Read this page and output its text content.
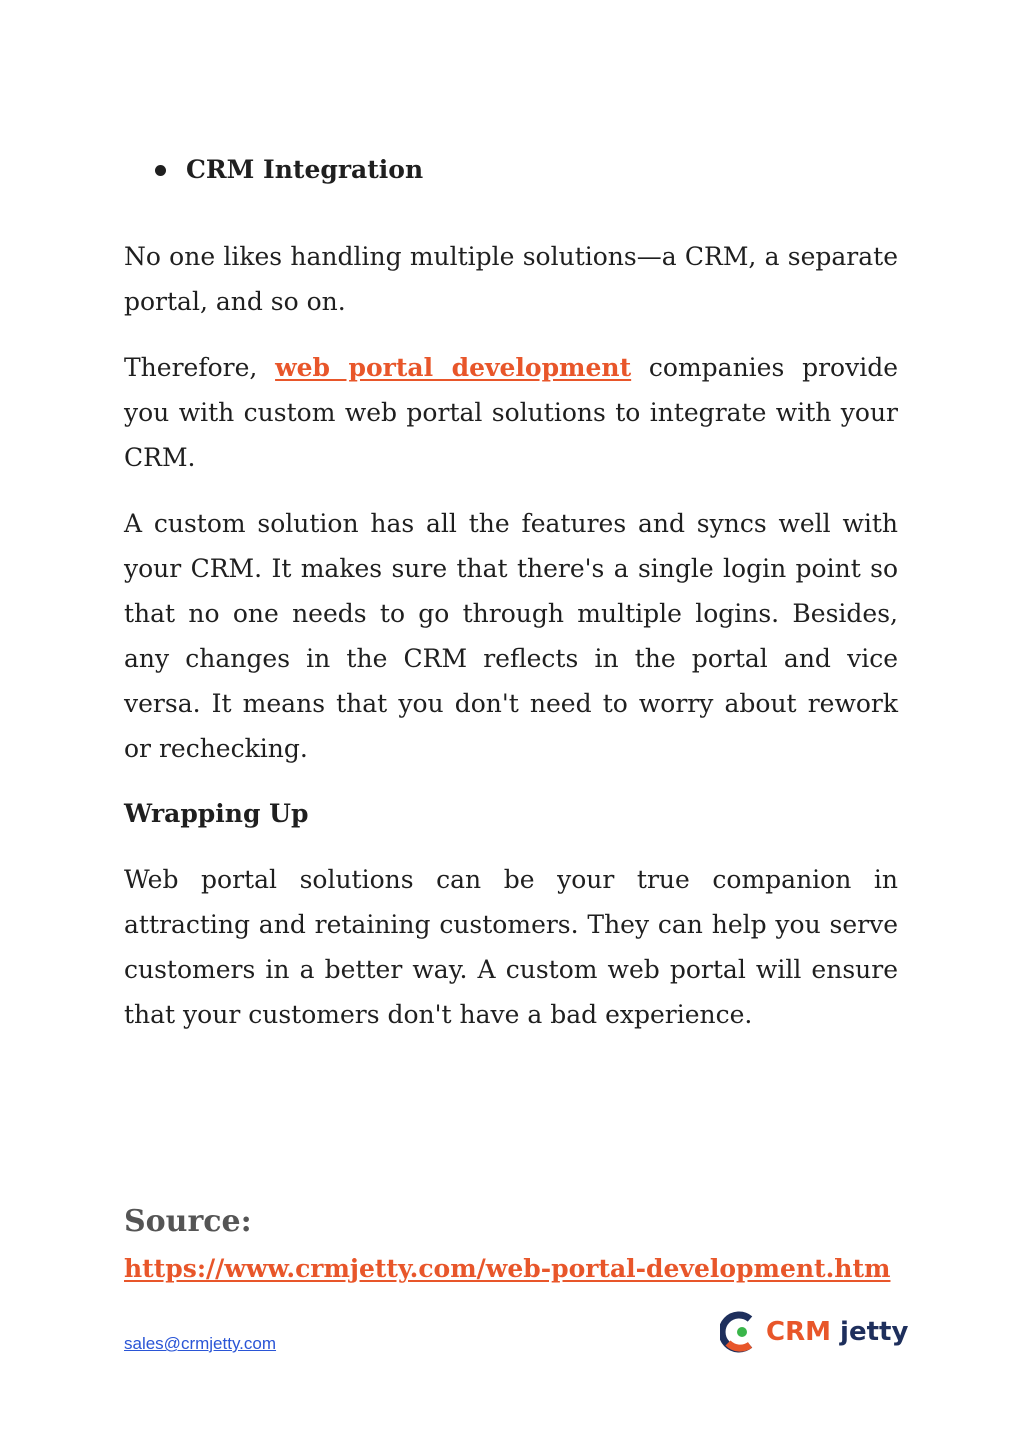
CRM Integration

No one likes handling multiple solutions—a CRM, a separate portal, and so on.

Therefore, web portal development companies provide you with custom web portal solutions to integrate with your CRM.

A custom solution has all the features and syncs well with your CRM. It makes sure that there's a single login point so that no one needs to go through multiple logins. Besides, any changes in the CRM reflects in the portal and vice versa. It means that you don't need to worry about rework or rechecking.

Wrapping Up

Web portal solutions can be your true companion in attracting and retaining customers. They can help you serve customers in a better way. A custom web portal will ensure that your customers don't have a bad experience.

Source:
https://www.crmjetty.com/web-portal-development.htm
sales@crmjetty.com	CRM jetty
